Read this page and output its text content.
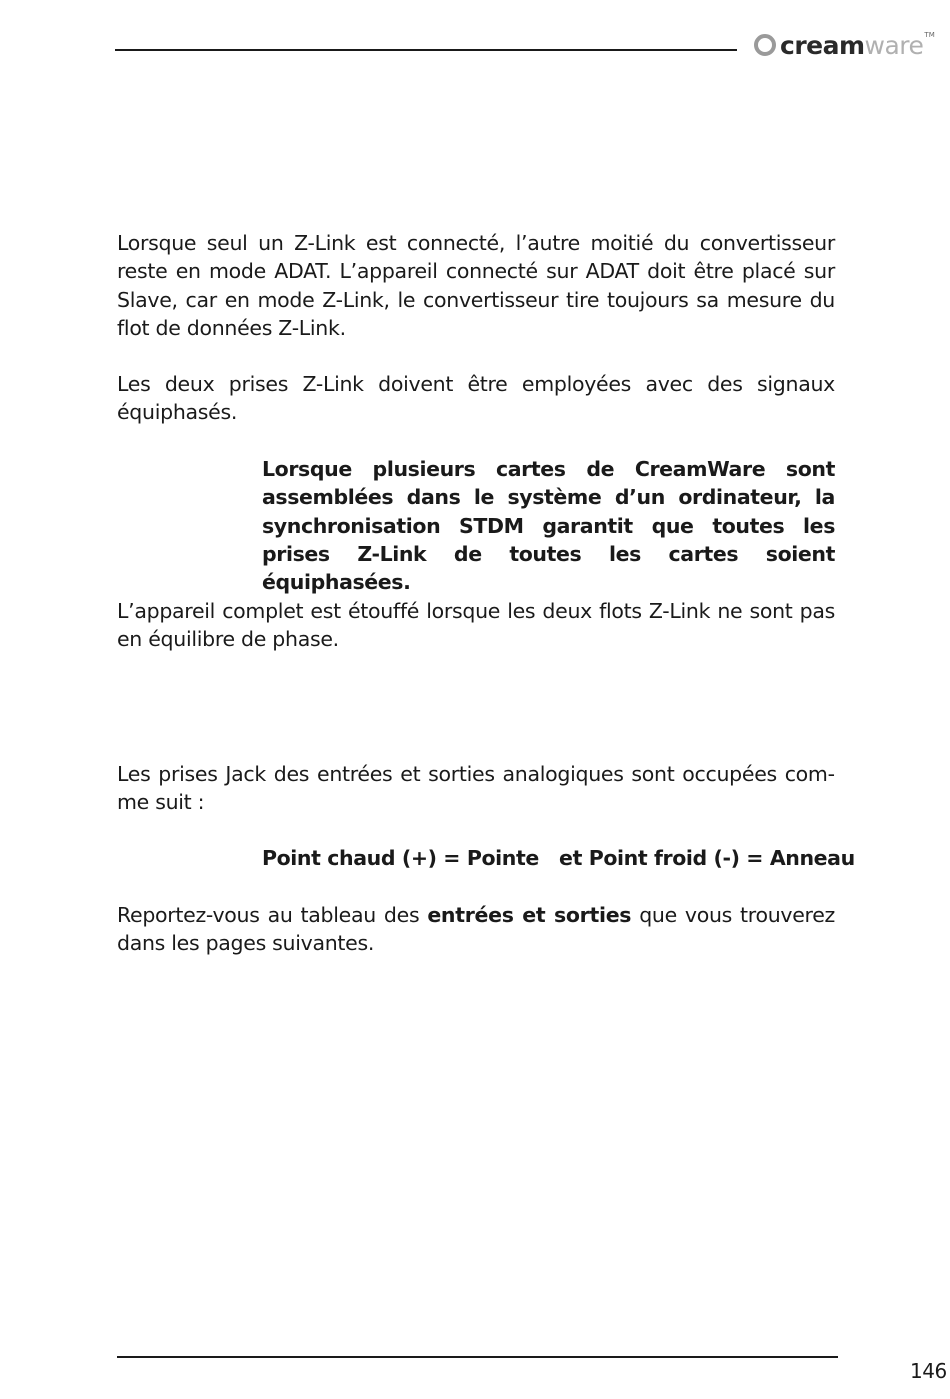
creamware TM

Lorsque seul un Z-Link est connecté, l’autre moitié du convertisseur reste en mode ADAT. L’appareil connecté sur ADAT doit être placé sur Slave, car en mode Z-Link, le convertisseur tire toujours sa mesure du flot de données Z-Link.

Les deux prises Z-Link doivent être employées avec des signaux équiphasés.

Lorsque plusieurs cartes de CreamWare sont assemblées dans le système d’un ordinateur, la synchronisation STDM garantit que toutes les prises Z-Link de toutes les cartes soient équiphasées.

L’appareil complet est étouffé lorsque les deux flots Z-Link ne sont pas en équilibre de phase.

Les prises Jack des entrées et sorties analogiques sont occupées comme suit :

Point chaud (+) = Pointe   et Point froid (-) = Anneau

Reportez-vous au tableau des entrées et sorties que vous trouverez dans les pages suivantes.

146
